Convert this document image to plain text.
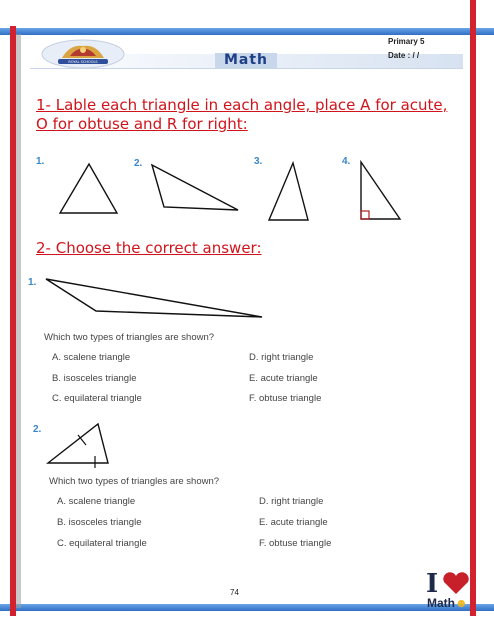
ROYAL SCHOOLS	Math
Primary 5
Date : / /
1- Lable each triangle in each angle, place A for acute, O for obtuse and R for right:
1.	2.	3.	4.
2- Choose the correct answer:
1.
Which two types of triangles are shown?
A. scalene triangle
B. isosceles triangle
C. equilateral triangle
D. right triangle
E. acute triangle
F. obtuse triangle
2.
Which two types of triangles are shown?
A. scalene triangle
B. isosceles triangle
C. equilateral triangle
D. right triangle
E. acute triangle
F. obtuse triangle
74	I
Math☻
